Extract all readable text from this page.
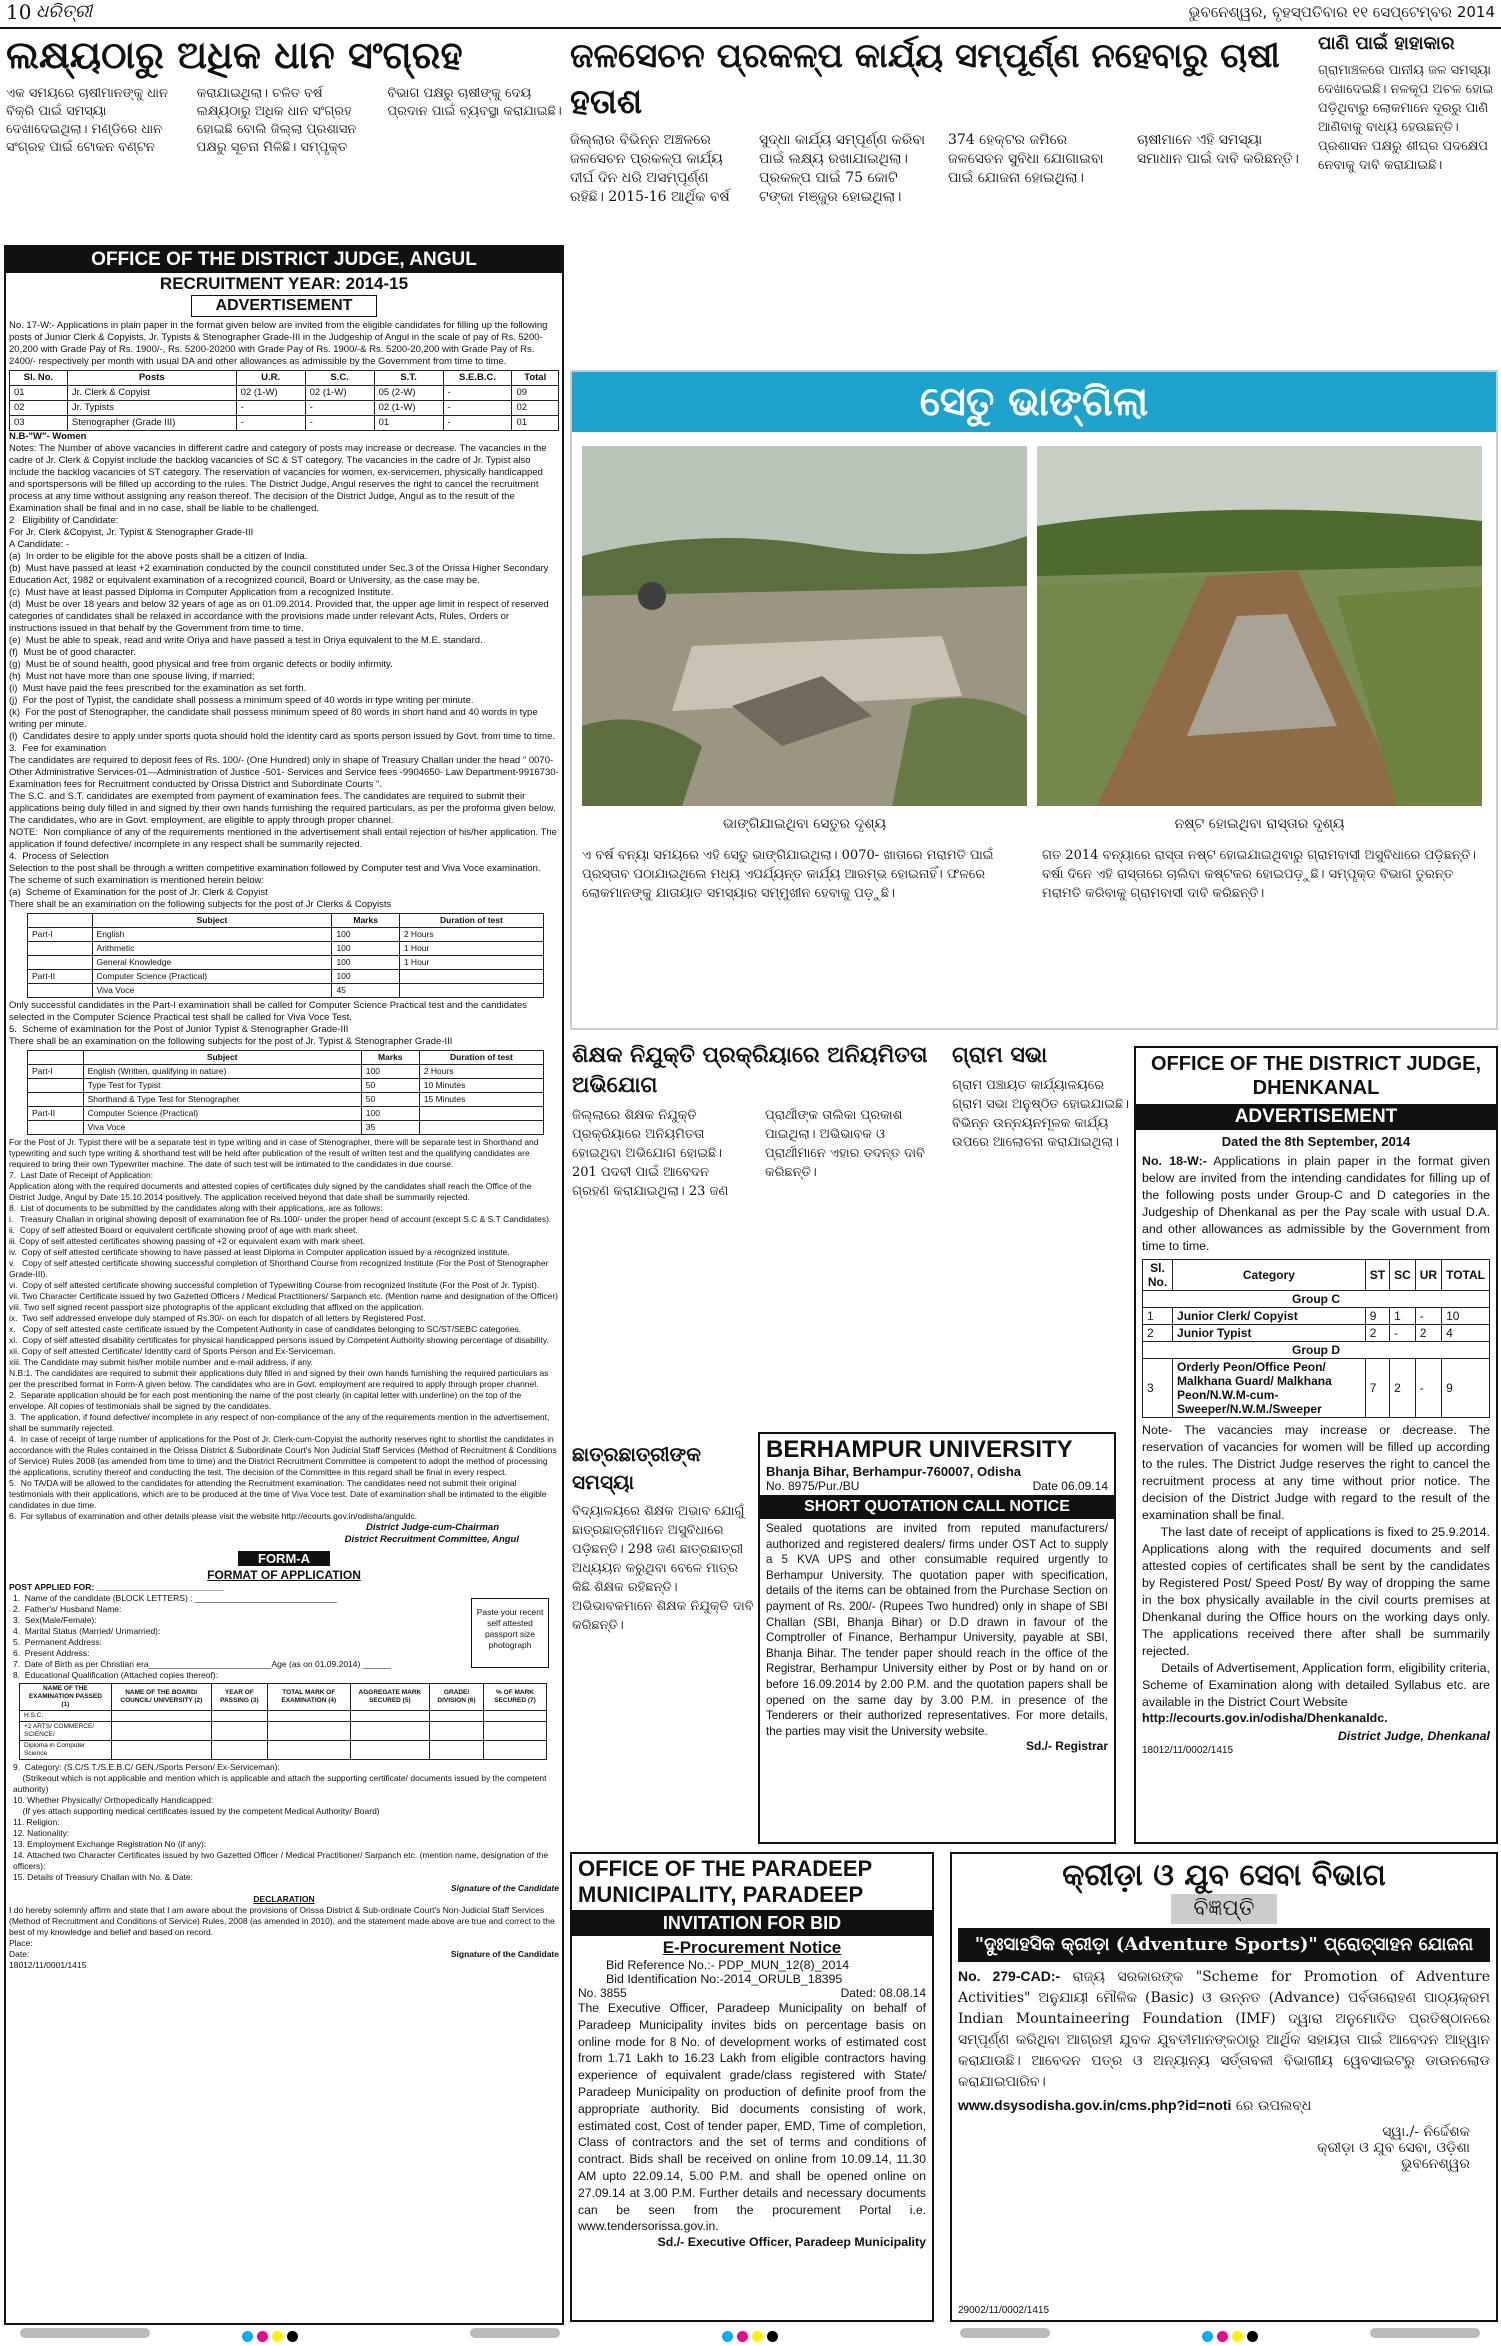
10 ଧରିତ୍ରୀ	ଭୁବନେଶ୍ୱର, ବୃହସ୍ପତିବାର ୧୧ ସେପ୍ଟେମ୍ବର 2014
ଲକ୍ଷ୍ୟଠାରୁ ଅଧିକ ଧାନ ସଂଗ୍ରହ
ଏକ ସମୟରେ ଚାଷୀମାନଙ୍କୁ ଧାନ ବିକ୍ରି ପାଇଁ ସମସ୍ୟା ଦେଖାଦେଇଥିଲା। ମଣ୍ଡିରେ ଧାନ ସଂଗ୍ରହ ପାଇଁ ଟୋକନ ବଣ୍ଟନ କରାଯାଇଥିଲା। ଚଳିତ ବର୍ଷ ଲକ୍ଷ୍ୟଠାରୁ ଅଧିକ ଧାନ ସଂଗ୍ରହ ହୋଇଛି ବୋଲି ଜିଲ୍ଲା ପ୍ରଶାସନ ପକ୍ଷରୁ ସୂଚନା ମିଳିଛି। ସମ୍ପୃକ୍ତ ବିଭାଗ ପକ୍ଷରୁ ଚାଷୀଙ୍କୁ ଦେୟ ପ୍ରଦାନ ପାଇଁ ବ୍ୟବସ୍ଥା କରାଯାଇଛି।
ଜଳସେଚନ ପ୍ରକଳ୍ପ କାର୍ଯ୍ୟ ସମ୍ପୂର୍ଣ୍ଣ ନହେବାରୁ ଚାଷୀ ହତାଶ
ଜିଲ୍ଲାର ବିଭିନ୍ନ ଅଞ୍ଚଳରେ ଜଳସେଚନ ପ୍ରକଳ୍ପ କାର୍ଯ୍ୟ ଦୀର୍ଘ ଦିନ ଧରି ଅସମ୍ପୂର୍ଣ୍ଣ ରହିଛି। 2015-16 ଆର୍ଥିକ ବର୍ଷ ସୁଦ୍ଧା କାର୍ଯ୍ୟ ସମ୍ପୂର୍ଣ୍ଣ କରିବା ପାଇଁ ଲକ୍ଷ୍ୟ ରଖାଯାଇଥିଲା। ପ୍ରକଳ୍ପ ପାଇଁ 75 କୋଟି ଟଙ୍କା ମଞ୍ଜୁର ହୋଇଥିଲା। 374 ହେକ୍ଟର ଜମିରେ ଜଳସେଚନ ସୁବିଧା ଯୋଗାଇବା ପାଇଁ ଯୋଜନା ହୋଇଥିଲା। ଚାଷୀମାନେ ଏହି ସମସ୍ୟା ସମାଧାନ ପାଇଁ ଦାବି କରିଛନ୍ତି।
ପାଣି ପାଇଁ ହାହାକାର
ଗ୍ରାମାଞ୍ଚଳରେ ପାନୀୟ ଜଳ ସମସ୍ୟା ଦେଖାଦେଇଛି। ନଳକୂପ ଅଚଳ ହୋଇ ପଡ଼ିଥିବାରୁ ଲୋକମାନେ ଦୂରରୁ ପାଣି ଆଣିବାକୁ ବାଧ୍ୟ ହେଉଛନ୍ତି। ପ୍ରଶାସନ ପକ୍ଷରୁ ଶୀଘ୍ର ପଦକ୍ଷେପ ନେବାକୁ ଦାବି କରାଯାଇଛି।
OFFICE OF THE DISTRICT JUDGE, ANGUL
RECRUITMENT YEAR: 2014-15
ADVERTISEMENT
No. 17-W:- Applications in plain paper in the format given below are invited from the eligible candidates for filling up the following posts of Junior Clerk & Copyists, Jr. Typists & Stenographer Grade-III in the Judgeship of Angul in the scale of pay of Rs. 5200-20,200 with Grade Pay of Rs. 1900/-, Rs. 5200-20200 with Grade Pay of Rs. 1900/-& Rs. 5200-20,200 with Grade Pay of Rs. 2400/- respectively per month with usual DA and other allowances as admissible by the Government from time to time.
Sl. No.	Posts	U.R.	S.C.	S.T.	S.E.B.C.	Total
01	Jr. Clerk & Copyist	02 (1-W)	02 (1-W)	05 (2-W)	-	09
02	Jr. Typists	-	-	02 (1-W)	-	02
03	Stenographer (Grade III)	-	-	01	-	01
N.B-"W"- Women
Notes: The Number of above vacancies in different cadre and category of posts may increase or decrease. The vacancies in the cadre of Jr. Clerk & Copyist include the backlog vacancies of SC & ST category. The vacancies in the cadre of Jr. Typist also include the backlog vacancies of ST category. The reservation of vacancies for women, ex-servicemen, physically handicapped and sportspersons will be filled up according to the rules. The District Judge, Angul reserves the right to cancel the recruitment process at any time without assigning any reason thereof. The decision of the District Judge, Angul as to the result of the Examination shall be final and in no case, shall be liable to be challenged.
2   Eligibility of Candidate:
For Jr. Clerk &Copyist, Jr. Typist & Stenographer Grade-III
A Candidate: -
(a)  In order to be eligible for the above posts shall be a citizen of India.
(b)  Must have passed at least +2 examination conducted by the council constituted under Sec.3 of the Orissa Higher Secondary Education Act, 1982 or equivalent examination of a recognized council, Board or University, as the case may be.
(c)  Must have at least passed Diploma in Computer Application from a recognized Institute.
(d)  Must be over 18 years and below 32 years of age as on 01.09.2014. Provided that, the upper age limit in respect of reserved categories of candidates shall be relaxed in accordance with the provisions made under relevant Acts, Rules, Orders or instructions issued in that behalf by the Government from time to time.
(e)  Must be able to speak, read and write Oriya and have passed a test in Oriya equivalent to the M.E. standard.
(f)  Must be of good character.
(g)  Must be of sound health, good physical and free from organic defects or bodily infirmity.
(h)  Must not have more than one spouse living, if married;
(i)  Must have paid the fees prescribed for the examination as set forth.
(j)  For the post of Typist, the candidate shall possess a minimum speed of 40 words in type writing per minute.
(k)  For the post of Stenographer, the candidate shall possess minimum speed of 80 words in short hand and 40 words in type writing per minute.
(l)  Candidates desire to apply under sports quota should hold the identity card as sports person issued by Govt. from time to time.
3.  Fee for examination
The candidates are required to deposit fees of Rs. 100/- (One Hundred) only in shape of Treasury Challan under the head " 0070- Other Administrative Services-01—Administration of Justice -501- Services and Service fees -9904650- Law Department-9916730- Examination fees for Recruitment conducted by Orissa District and Subordinate Courts ".
The S.C. and S.T. candidates are exempted from payment of examination fees. The candidates are required to submit their applications being duly filled in and signed by their own hands furnishing the required particulars, as per the proforma given below. The candidates, who are in Govt. employment, are eligible to apply through proper channel.
NOTE:  Non compliance of any of the requirements mentioned in the advertisement shall entail rejection of his/her application. The application if found defective/ incomplete in any respect shall be summarily rejected.
4.  Process of Selection
Selection to the post shall be through a written competitive examination followed by Computer test and Viva Voce examination. The scheme of such examination is mentioned herein below:
(a)  Scheme of Examination for the post of Jr. Clerk & Copyist
There shall be an examination on the following subjects for the post of Jr Clerks & Copyists
	Subject	Marks	Duration of test
Part-I	English	100	2 Hours
	Arithmetic	100	1 Hour
	General Knowledge	100	1 Hour
Part-II	Computer Science (Practical)	100	
	Viva Voce	45	
Only successful candidates in the Part-I examination shall be called for Computer Science Practical test and the candidates selected in the Computer Science Practical test shall be called for Viva Voce Test.
5.  Scheme of examination for the Post of Junior Typist & Stenographer Grade-III
There shall be an examination on the following subjects for the post of Jr. Typist & Stenographer Grade-III
	Subject	Marks	Duration of test
Part-I	English (Written, qualifying in nature)	100	2 Hours
	Type Test for Typist	50	10 Minutes
	Shorthand & Type Test for Stenographer	50	15 Minutes
Part-II	Computer Science (Practical)	100	
	Viva Voce	35	
For the Post of Jr. Typist there will be a separate test in type writing and in case of Stenographer, there will be separate test in Shorthand and typewriting and such type writing & shorthand test will be held after publication of the result of written test and the qualifying candidates are required to bring their own Typewriter machine. The date of such test will be intimated to the candidates in due course.
7.  Last Date of Receipt of Application:
Application along with the required documents and attested copies of certificates duly signed by the candidates shall reach the Office of the District Judge, Angul by Date 15.10.2014 positively. The application received beyond that date shall be summarily rejected.
8.  List of documents to be submitted by the candidates along with their applications, are as follows:
i.   Treasury Challan in original showing deposit of examination fee of Rs.100/- under the proper head of account (except S.C & S.T Candidates).
ii.  Copy of self attested Board or equivalent certificate showing proof of age with mark sheet.
iii. Copy of self attested certificates showing passing of +2 or equivalent exam with mark sheet.
iv.  Copy of self attested certificate showing to have passed at least Diploma in Computer application issued by a recognized institute.
v.   Copy of self attested certificate showing successful completion of Shorthand Course from recognized Institute (For the Post of Stenographer Grade-III).
vi.  Copy of self attested certificate showing successful completion of Typewriting Course from recognized Institute (For the Post of Jr. Typist).
vii. Two Character Certificate issued by two Gazetted Officers / Medical Practitioners/ Sarpanch etc. (Mention name and designation of the Officer)
viii. Two self signed recent passport size photographs of the applicant excluding that affixed on the application.
ix.  Two self addressed envelope duly stamped of Rs.30/- on each for dispatch of all letters by Registered Post.
x.   Copy of self attested caste certificate issued by the Competent Authority in case of candidates belonging to SC/ST/SEBC categories.
xi.  Copy of self attested disability certificates for physical handicapped persons issued by Competent Authority showing percentage of disability.
xii. Copy of self attested Certificate/ Identity card of Sports Person and Ex-Serviceman.
xiii. The Candidate may submit his/her mobile number and e-mail address, if any.
N.B:1. The candidates are required to submit their applications duly filled in and signed by their own hands furnishing the required particulars as per the prescribed format in Form-A given below. The candidates who are in Govt. employment are required to apply through proper channel.
2.  Separate application should be for each post mentioning the name of the post clearly (in capital letter with underline) on the top of the envelope. All copies of testimonials shall be signed by the candidates.
3.  The application, if found defective/ incomplete in any respect of non-compliance of the any of the requirements mention in the advertisement, shall be summarily rejected.
4.  In case of receipt of large number of applications for the Post of Jr. Clerk-cum-Copyist the authority reserves right to shortlist the candidates in accordance with the Rules contained in the Orissa District & Subordinate Court's Non Judicial Staff Services (Method of Recruitment & Conditions of Service) Rules 2008 (as amended from time to time) and the District Recruitment Committee is competent to adopt the method of processing the applications, scrutiny thereof and conducting the test. The decision of the Committee in this regard shall be final in every respect.
5.  No TA/DA will be allowed to the candidates for attending the Recruitment examination. The candidates need not submit their original testimonials with their applications, which are to be produced at the time of Viva Voce test. Date of examination shall be intimated to the eligible candidates in due time.
6.  For syllabus of examination and other details please visit the website http://ecourts.gov.in/odisha/anguldc.
District Judge-cum-Chairman
District Recruitment Committee, Angul
FORM-A
FORMAT OF APPLICATION
POST APPLIED FOR: ___________________________
1.  Name of the candidate (BLOCK LETTERS) : ______________________________
2.  Father's/ Husband Name:
3.  Sex(Male/Female):
4.  Marital Status (Married/ Unmarried):
5.  Permanent Address:
6.  Present Address:
7.  Date of Birth as per Christian era__________________________Age (as on 01.09.2014) ______
8.  Educational Qualification (Attached copies thereof):
Paste your recent self attested passport size photograph
NAME OF THE EXAMINATION PASSED (1)	NAME OF THE BOARD/ COUNCIL/ UNIVERSITY (2)	YEAR OF PASSING (3)	TOTAL MARK OF EXAMINATION (4)	AGGREGATE MARK SECURED (5)	GRADE/ DIVISION (6)	% OF MARK SECURED (7)
H.S.C.						
+2 ARTS/ COMMERCE/ SCIENCE/						
Diploma in Computer Science						
9.  Category: (S.C/S.T./S.E.B.C/ GEN./Sports Person/ Ex-Serviceman):
(Strikeout which is not applicable and mention which is applicable and attach the supporting certificate/ documents issued by the competent authority)
10. Whether Physically/ Orthopedically Handicapped:
(If yes attach supporting medical certificates issued by the competent Medical Authority/ Board)
11. Religion:
12. Nationality:
13. Employment Exchange Registration No (if any):
14. Attached two Character Certificates issued by two Gazetted Officer / Medical Practitioner/ Sarpanch etc. (mention name, designation of the officers):
15. Details of Treasury Challan with No. & Date:
Signature of the Candidate
DECLARATION
I do hereby solemnly affirm and state that I am aware about the provisions of Orissa District & Sub-ordinate Court's Non-Judicial Staff Services (Method of Recruitment and Conditions of Service) Rules, 2008 (as amended in 2010), and the statement made above are true and correct to the best of my knowledge and belief and based on record.
Place:
Date:	Signature of the Candidate
18012/11/0001/1415
ସେତୁ ଭାଙ୍ଗିଲା
ଭାଙ୍ଗିଯାଇଥିବା ସେତୁର ଦୃଶ୍ୟ	ନଷ୍ଟ ହୋଇଥିବା ରାସ୍ତାର ଦୃଶ୍ୟ
ଏ ବର୍ଷ ବନ୍ୟା ସମୟରେ ଏହି ସେତୁ ଭାଙ୍ଗିଯାଇଥିଲା। 0070- ଖାତାରେ ମରାମତି ପାଇଁ ପ୍ରସ୍ତାବ ପଠାଯାଇଥିଲେ ମଧ୍ୟ ଏପର୍ଯ୍ୟନ୍ତ କାର୍ଯ୍ୟ ଆରମ୍ଭ ହୋଇନାହିଁ। ଫଳରେ ଲୋକମାନଙ୍କୁ ଯାତାୟାତ ସମସ୍ୟାର ସମ୍ମୁଖୀନ ହେବାକୁ ପଡ଼ୁଛି।
ଗତ 2014 ବନ୍ୟାରେ ରାସ୍ତା ନଷ୍ଟ ହୋଇଯାଇଥିବାରୁ ଗ୍ରାମବାସୀ ଅସୁବିଧାରେ ପଡ଼ିଛନ୍ତି। ବର୍ଷା ଦିନେ ଏହି ରାସ୍ତାରେ ଚାଲିବା କଷ୍ଟକର ହୋଇପଡ଼ୁଛି। ସମ୍ପୃକ୍ତ ବିଭାଗ ତୁରନ୍ତ ମରାମତି କରିବାକୁ ଗ୍ରାମବାସୀ ଦାବି କରିଛନ୍ତି।
ଶିକ୍ଷକ ନିଯୁକ୍ତି ପ୍ରକ୍ରିୟାରେ ଅନିୟମିତତା ଅଭିଯୋଗ
ଜିଲ୍ଲାରେ ଶିକ୍ଷକ ନିଯୁକ୍ତି ପ୍ରକ୍ରିୟାରେ ଅନିୟମିତତା ହୋଇଥିବା ଅଭିଯୋଗ ହୋଇଛି। 201 ପଦବୀ ପାଇଁ ଆବେଦନ ଗ୍ରହଣ କରାଯାଇଥିଲା। 23 ଜଣ ପ୍ରାର୍ଥୀଙ୍କ ତାଲିକା ପ୍ରକାଶ ପାଇଥିଲା। ଅଭିଭାବକ ଓ ପ୍ରାର୍ଥୀମାନେ ଏହାର ତଦନ୍ତ ଦାବି କରିଛନ୍ତି।
ଗ୍ରାମ ସଭା
ଗ୍ରାମ ପଞ୍ଚାୟତ କାର୍ଯ୍ୟାଳୟରେ ଗ୍ରାମ ସଭା ଅନୁଷ୍ଠିତ ହୋଇଯାଇଛି। ବିଭିନ୍ନ ଉନ୍ନୟନମୂଳକ କାର୍ଯ୍ୟ ଉପରେ ଆଲୋଚନା କରାଯାଇଥିଲା।
ଛାତ୍ରଛାତ୍ରୀଙ୍କ ସମସ୍ୟା
ବିଦ୍ୟାଳୟରେ ଶିକ୍ଷକ ଅଭାବ ଯୋଗୁଁ ଛାତ୍ରଛାତ୍ରୀମାନେ ଅସୁବିଧାରେ ପଡ଼ିଛନ୍ତି। 298 ଜଣ ଛାତ୍ରଛାତ୍ରୀ ଅଧ୍ୟୟନ କରୁଥିବା ବେଳେ ମାତ୍ର କିଛି ଶିକ୍ଷକ ରହିଛନ୍ତି। ଅଭିଭାବକମାନେ ଶିକ୍ଷକ ନିଯୁକ୍ତି ଦାବି କରିଛନ୍ତି।
BERHAMPUR UNIVERSITY
Bhanja Bihar, Berhampur-760007, Odisha
No. 8975/Pur./BU	Date 06.09.14
SHORT QUOTATION CALL NOTICE
Sealed quotations are invited from reputed manufacturers/ authorized and registered dealers/ firms under OST Act to supply a 5 KVA UPS and other consumable required urgently to Berhampur University. The quotation paper with specification, details of the items can be obtained from the Purchase Section on payment of Rs. 200/- (Rupees Two hundred) only in shape of SBI Challan (SBI, Bhanja Bihar) or D.D drawn in favour of the Comptroller of Finance, Berhampur University, payable at SBI, Bhanja Bihar. The tender paper should reach in the office of the Registrar, Berhampur University either by Post or by hand on or before 16.09.2014 by 2.00 P.M. and the quotation papers shall be opened on the same day by 3.00 P.M. in presence of the Tenderers or their authorized representatives. For more details, the parties may visit the University website.
Sd./- Registrar
OFFICE OF THE DISTRICT JUDGE, DHENKANAL
ADVERTISEMENT
Dated the 8th September, 2014
No. 18-W:- Applications in plain paper in the format given below are invited from the intending candidates for filling up of the following posts under Group-C and D categories in the Judgeship of Dhenkanal as per the Pay scale with usual D.A. and other allowances as admissible by the Government from time to time.
Sl. No.	Category	ST	SC	UR	TOTAL
Group C					
1	Junior Clerk/ Copyist	9	1	-	10
2	Junior Typist	2	-	2	4
Group D					
3	Orderly Peon/Office Peon/ Malkhana Guard/ Malkhana Peon/N.W.M-cum-Sweeper/N.W.M./Sweeper	7	2	-	9
Note- The vacancies may increase or decrease. The reservation of vacancies for women will be filled up according to the rules. The District Judge reserves the right to cancel the recruitment process at any time without prior notice. The decision of the District Judge with regard to the result of the examination shall be final.
The last date of receipt of applications is fixed to 25.9.2014. Applications along with the required documents and self attested copies of certificates shall be sent by the candidates by Registered Post/ Speed Post/ By way of dropping the same in the box physically available in the civil courts premises at Dhenkanal during the Office hours on the working days only. The applications received there after shall be summarily rejected.
Details of Advertisement, Application form, eligibility criteria, Scheme of Examination along with detailed Syllabus etc. are available in the District Court Website
http://ecourts.gov.in/odisha/Dhenkanaldc.
District Judge, Dhenkanal
18012/11/0002/1415
OFFICE OF THE PARADEEP MUNICIPALITY, PARADEEP
INVITATION FOR BID
E-Procurement Notice
Bid Reference No.:- PDP_MUN_12(8)_2014
Bid Identification No:-2014_ORULB_18395
No. 3855	Dated: 08.08.14
The Executive Officer, Paradeep Municipality on behalf of Paradeep Municipality invites bids on percentage basis on online mode for 8 No. of development works of estimated cost from 1.71 Lakh to 16.23 Lakh from eligible contractors having experience of equivalent grade/class registered with State/ Paradeep Municipality on production of definite proof from the appropriate authority. Bid documents consisting of work, estimated cost, Cost of tender paper, EMD, Time of completion, Class of contractors and the set of terms and conditions of contract. Bids shall be received on online from 10.09.14, 11.30 AM upto 22.09.14, 5.00 P.M. and shall be opened online on 27.09.14 at 3.00 P.M. Further details and necessary documents can be seen from the procurement Portal i.e. www.tendersorissa.gov.in.
Sd./- Executive Officer, Paradeep Municipality
କ୍ରୀଡ଼ା ଓ ଯୁବ ସେବା ବିଭାଗ
ବିଜ୍ଞପ୍ତି
"ଦୁଃସାହସିକ କ୍ରୀଡ଼ା (Adventure Sports)" ପ୍ରୋତ୍ସାହନ ଯୋଜନା
No. 279-CAD:- ରାଜ୍ୟ ସରକାରଙ୍କ "Scheme for Promotion of Adventure Activities" ଅନୁଯାୟୀ ମୌଳିକ (Basic) ଓ ଉନ୍ନତ (Advance) ପର୍ବତାରୋହଣ ପାଠ୍ୟକ୍ରମ Indian Mountaineering Foundation (IMF) ଦ୍ୱାରା ଅନୁମୋଦିତ ପ୍ରତିଷ୍ଠାନରେ ସମ୍ପୂର୍ଣ୍ଣ କରିଥିବା ଆଗ୍ରହୀ ଯୁବକ ଯୁବତୀମାନଙ୍କଠାରୁ ଆର୍ଥିକ ସହାୟତା ପାଇଁ ଆବେଦନ ଆହ୍ୱାନ କରାଯାଉଛି। ଆବେଦନ ପତ୍ର ଓ ଅନ୍ୟାନ୍ୟ ସର୍ତ୍ତାବଳୀ ବିଭାଗୀୟ ୱେବସାଇଟରୁ ଡାଉନଲୋଡ କରାଯାଇପାରିବ।
www.dsysodisha.gov.in/cms.php?id=noti ରେ ଉପଲବ୍ଧ
ସ୍ୱା./- ନିର୍ଦ୍ଦେଶକ
କ୍ରୀଡ଼ା ଓ ଯୁବ ସେବା, ଓଡ଼ିଶା
ଭୁବନେଶ୍ୱର
29002/11/0002/1415
